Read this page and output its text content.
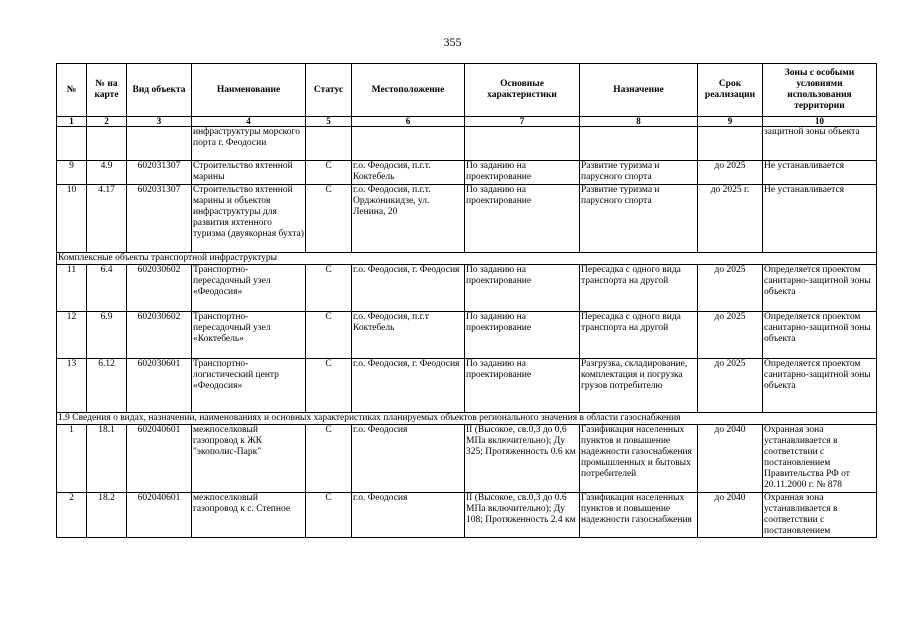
355
№	№ на карте	Вид объекта	Наименование	Статус	Местоположение	Основные характеристики	Назначение	Срок реализации	Зоны с особыми условиями использования территории
1	2	3	4	5	6	7	8	9	10
			инфраструктуры морского порта г. Феодосии						защитной зоны объекта
9	4.9	602031307	Строительство яхтенной марины	С	г.о. Феодосия, п.г.т. Коктебель	По заданию на проектирование	Развитие туризма и парусного спорта	до 2025	Не устанавливается
10	4.17	602031307	Строительство яхтенной марины и объектов инфраструктуры для развития яхтенного туризма (двуякорная бухта)	С	г.о. Феодосия, п.г.т. Орджоникидзе, ул. Ленина, 20	По заданию на проектирование	Развитие туризма и парусного спорта	до 2025 г.	Не устанавливается
Комплексные объекты транспортной инфраструктуры									
11	6.4	602030602	Транспортно-пересадочный узел «Феодосия»	С	г.о. Феодосия, г. Феодосия	По заданию на проектирование	Пересадка с одного вида транспорта на другой	до 2025	Определяется проектом санитарно-защитной зоны объекта
12	6.9	602030602	Транспортно-пересадочный узел «Коктебель»	С	г.о. Феодосия, п.г.т Коктебель	По заданию на проектирование	Пересадка с одного вида транспорта на другой	до 2025	Определяется проектом санитарно-защитной зоны объекта
13	6.12	602030601	Транспортно-логистический центр «Феодосия»	С	г.о. Феодосия, г. Феодосия	По заданию на проектирование	Разгрузка, складирование, комплектация и погрузка грузов потребителю	до 2025	Определяется проектом санитарно-защитной зоны объекта
1.9 Сведения о видах, назначении, наименованиях и основных характеристиках планируемых объектов регионального значения в области газоснабжения									
1	18.1	602040601	межпоселковый газопровод к ЖК "экополис-Парк"	С	г.о. Феодосия	II (Высокое, св.0,3 до 0,6 МПа включительно); Ду 325; Протяженность 0.6 км	Газификация населенных пунктов и повышение надежности газоснабжения промышленных и бытовых потребителей	до 2040	Охранная зона устанавливается в соответствии с постановлением Правительства РФ от 20.11.2000 г. № 878
2	18.2	602040601	межпоселковый газопровод к с. Степное	С	г.о. Феодосия	II (Высокое, св.0,3 до 0.6 МПа включительно); Ду 108; Протяженность 2.4 км	Газификация населенных пунктов и повышение надежности газоснабжения	до 2040	Охранная зона устанавливается в соответствии с постановлением
